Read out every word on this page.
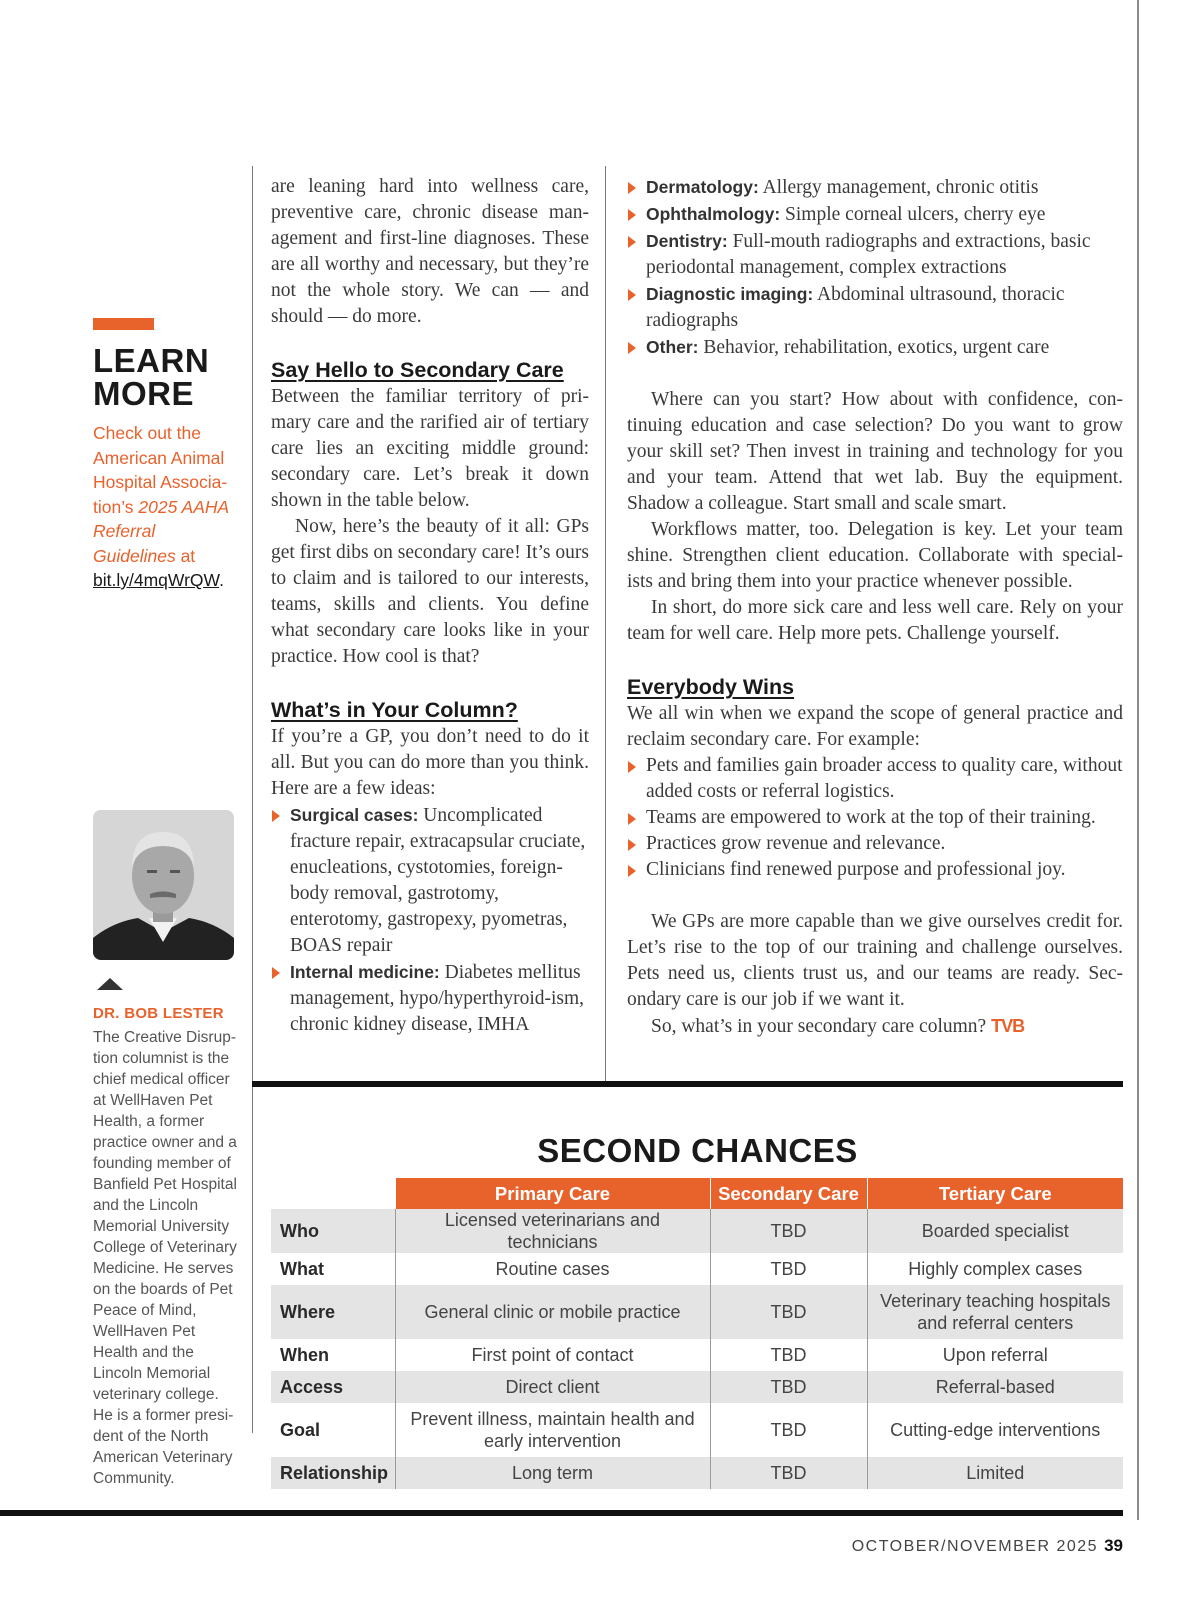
LEARN
MORE
Check out the American Animal Hospital Associa-tion’s 2025 AAHA Referral Guidelines at bit.ly/4mqWrQW.
DR. BOB LESTER
The Creative Disrup-tion columnist is the chief medical officer at WellHaven Pet Health, a former practice owner and a founding member of Banfield Pet Hospital and the Lincoln Memorial University College of Veterinary Medicine. He serves on the boards of Pet Peace of Mind, WellHaven Pet Health and the Lincoln Memorial veterinary college. He is a former presi-dent of the North American Veterinary Community.

are leaning hard into wellness care, preventive care, chronic disease man-agement and first-line diagnoses. These are all worthy and necessary, but they’re not the whole story. We can — and should — do more.

Say Hello to Secondary Care

Between the familiar territory of pri-mary care and the rarified air of tertiary care lies an exciting middle ground: secondary care. Let’s break it down shown in the table below.

Now, here’s the beauty of it all: GPs get first dibs on secondary care! It’s ours to claim and is tailored to our interests, teams, skills and clients. You define what secondary care looks like in your practice. How cool is that?

What’s in Your Column?

If you’re a GP, you don’t need to do it all. But you can do more than you think. Here are a few ideas:

Surgical cases: Uncomplicated fracture repair, extracapsular cruciate, enucleations, cystotomies, foreign-body removal, gastrotomy, enterotomy, gastropexy, pyometras, BOAS repair
Internal medicine: Diabetes mellitus management, hypo/hyperthyroid-ism, chronic kidney disease, IMHA
Dermatology: Allergy management, chronic otitis
Ophthalmology: Simple corneal ulcers, cherry eye
Dentistry: Full-mouth radiographs and extractions, basic periodontal management, complex extractions
Diagnostic imaging: Abdominal ultrasound, thoracic radiographs
Other: Behavior, rehabilitation, exotics, urgent care

Where can you start? How about with confidence, con-tinuing education and case selection? Do you want to grow your skill set? Then invest in training and technology for you and your team. Attend that wet lab. Buy the equipment. Shadow a colleague. Start small and scale smart.

Workflows matter, too. Delegation is key. Let your team shine. Strengthen client education. Collaborate with special-ists and bring them into your practice whenever possible.

In short, do more sick care and less well care. Rely on your team for well care. Help more pets. Challenge yourself.

Everybody Wins

We all win when we expand the scope of general practice and reclaim secondary care. For example:

Pets and families gain broader access to quality care, without added costs or referral logistics.
Teams are empowered to work at the top of their training.
Practices grow revenue and relevance.
Clinicians find renewed purpose and professional joy.

We GPs are more capable than we give ourselves credit for. Let’s rise to the top of our training and challenge ourselves. Pets need us, clients trust us, and our teams are ready. Sec-ondary care is our job if we want it.

So, what’s in your secondary care column? TVB

SECOND CHANCES
	Primary Care	Secondary Care	Tertiary Care
Who	Licensed veterinarians and technicians	TBD	Boarded specialist
What	Routine cases	TBD	Highly complex cases
Where	General clinic or mobile practice	TBD	Veterinary teaching hospitals and referral centers
When	First point of contact	TBD	Upon referral
Access	Direct client	TBD	Referral-based
Goal	Prevent illness, maintain health and early intervention	TBD	Cutting-edge interventions
Relationship	Long term	TBD	Limited
OCTOBER/NOVEMBER 2025 39
